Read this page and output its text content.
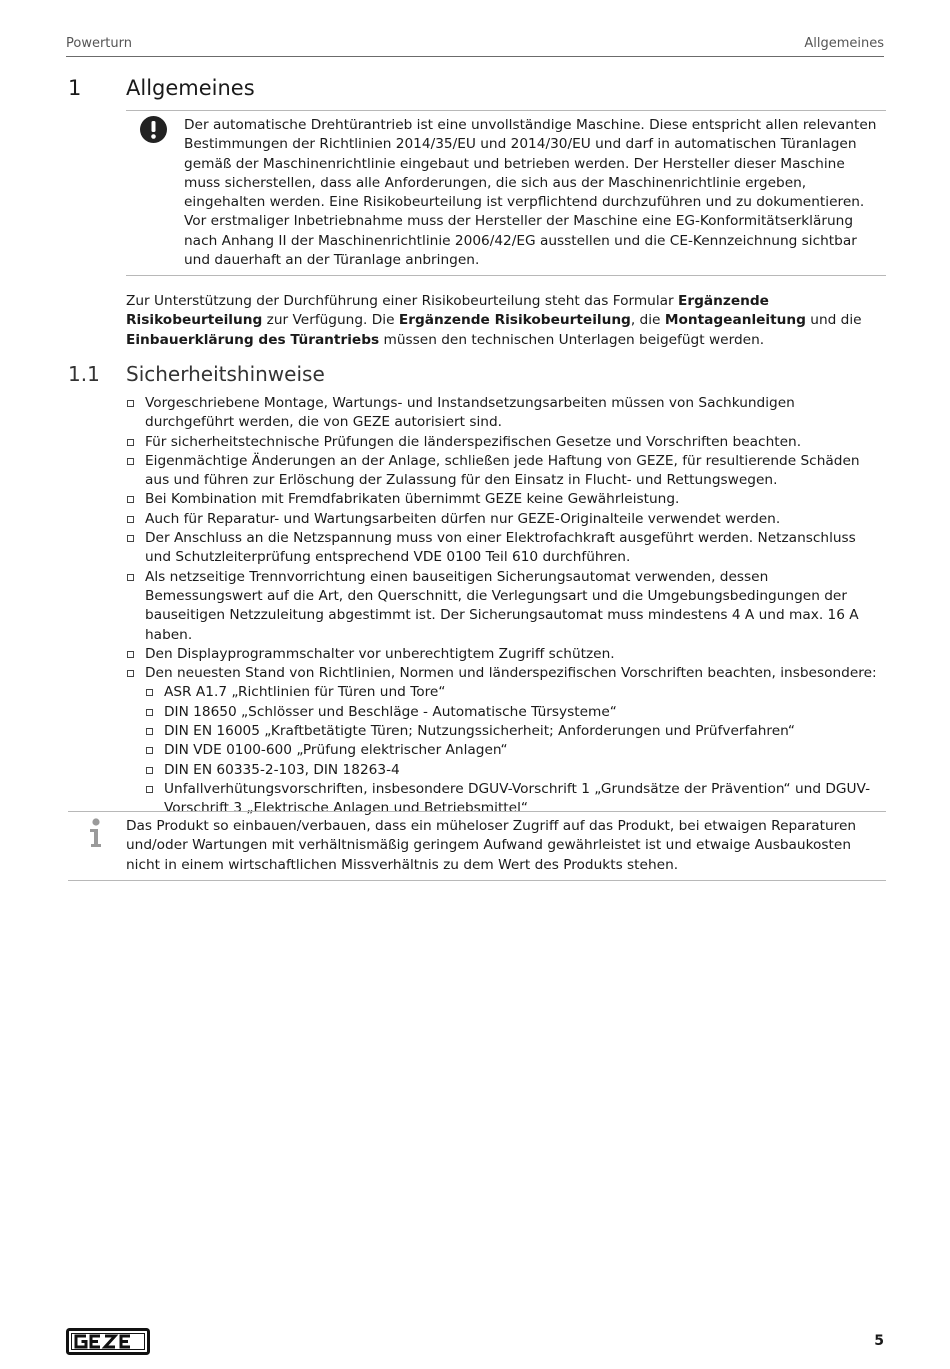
Powerturn	Allgemeines
1 Allgemeines
Der automatische Drehtürantrieb ist eine unvollständige Maschine. Diese entspricht allen relevanten Bestimmungen der Richtlinien 2014/35/EU und 2014/30/EU und darf in automatischen Türanlagen gemäß der Maschinenrichtlinie eingebaut und betrieben werden. Der Hersteller dieser Maschine muss sicherstellen, dass alle Anforderungen, die sich aus der Maschinenrichtlinie ergeben, eingehalten werden. Eine Risikobeurteilung ist verpflichtend durchzuführen und zu dokumentieren. Vor erstmaliger Inbetriebnahme muss der Hersteller der Maschine eine EG-Konformitätserklärung nach Anhang II der Maschinenrichtlinie 2006/42/EG ausstellen und die CE-Kennzeichnung sichtbar und dauerhaft an der Türanlage anbringen.
Zur Unterstützung der Durchführung einer Risikobeurteilung steht das Formular Ergänzende Risikobeurteilung zur Verfügung. Die Ergänzende Risikobeurteilung, die Montageanleitung und die Einbauerklärung des Türantriebs müssen den technischen Unterlagen beigefügt werden.
1.1 Sicherheitshinweise
Vorgeschriebene Montage, Wartungs- und Instandsetzungsarbeiten müssen von Sachkundigen durchgeführt werden, die von GEZE autorisiert sind.
Für sicherheitstechnische Prüfungen die länderspezifischen Gesetze und Vorschriften beachten.
Eigenmächtige Änderungen an der Anlage, schließen jede Haftung von GEZE, für resultierende Schäden aus und führen zur Erlöschung der Zulassung für den Einsatz in Flucht- und Rettungswegen.
Bei Kombination mit Fremdfabrikaten übernimmt GEZE keine Gewährleistung.
Auch für Reparatur- und Wartungsarbeiten dürfen nur GEZE-Originalteile verwendet werden.
Der Anschluss an die Netzspannung muss von einer Elektrofachkraft ausgeführt werden. Netzanschluss und Schutzleiterprüfung entsprechend VDE 0100 Teil 610 durchführen.
Als netzseitige Trennvorrichtung einen bauseitigen Sicherungsautomat verwenden, dessen Bemessungswert auf die Art, den Querschnitt, die Verlegungsart und die Umgebungsbedingungen der bauseitigen Netzzuleitung abgestimmt ist. Der Sicherungsautomat muss mindestens 4 A und max. 16 A haben.
Den Displayprogrammschalter vor unberechtigtem Zugriff schützen.
Den neuesten Stand von Richtlinien, Normen und länderspezifischen Vorschriften beachten, insbesondere:
ASR A1.7 „Richtlinien für Türen und Tore“
DIN 18650 „Schlösser und Beschläge - Automatische Türsysteme“
DIN EN 16005 „Kraftbetätigte Türen; Nutzungssicherheit; Anforderungen und Prüfverfahren“
DIN VDE 0100-600 „Prüfung elektrischer Anlagen“
DIN EN 60335-2-103, DIN 18263-4
Unfallverhütungsvorschriften, insbesondere DGUV-Vorschrift 1 „Grundsätze der Prävention“ und DGUV-Vorschrift 3 „Elektrische Anlagen und Betriebsmittel“
Das Produkt so einbauen/verbauen, dass ein müheloser Zugriff auf das Produkt, bei etwaigen Reparaturen und/oder Wartungen mit verhältnismäßig geringem Aufwand gewährleistet ist und etwaige Ausbaukosten nicht in einem wirtschaftlichen Missverhältnis zu dem Wert des Produkts stehen.
5
